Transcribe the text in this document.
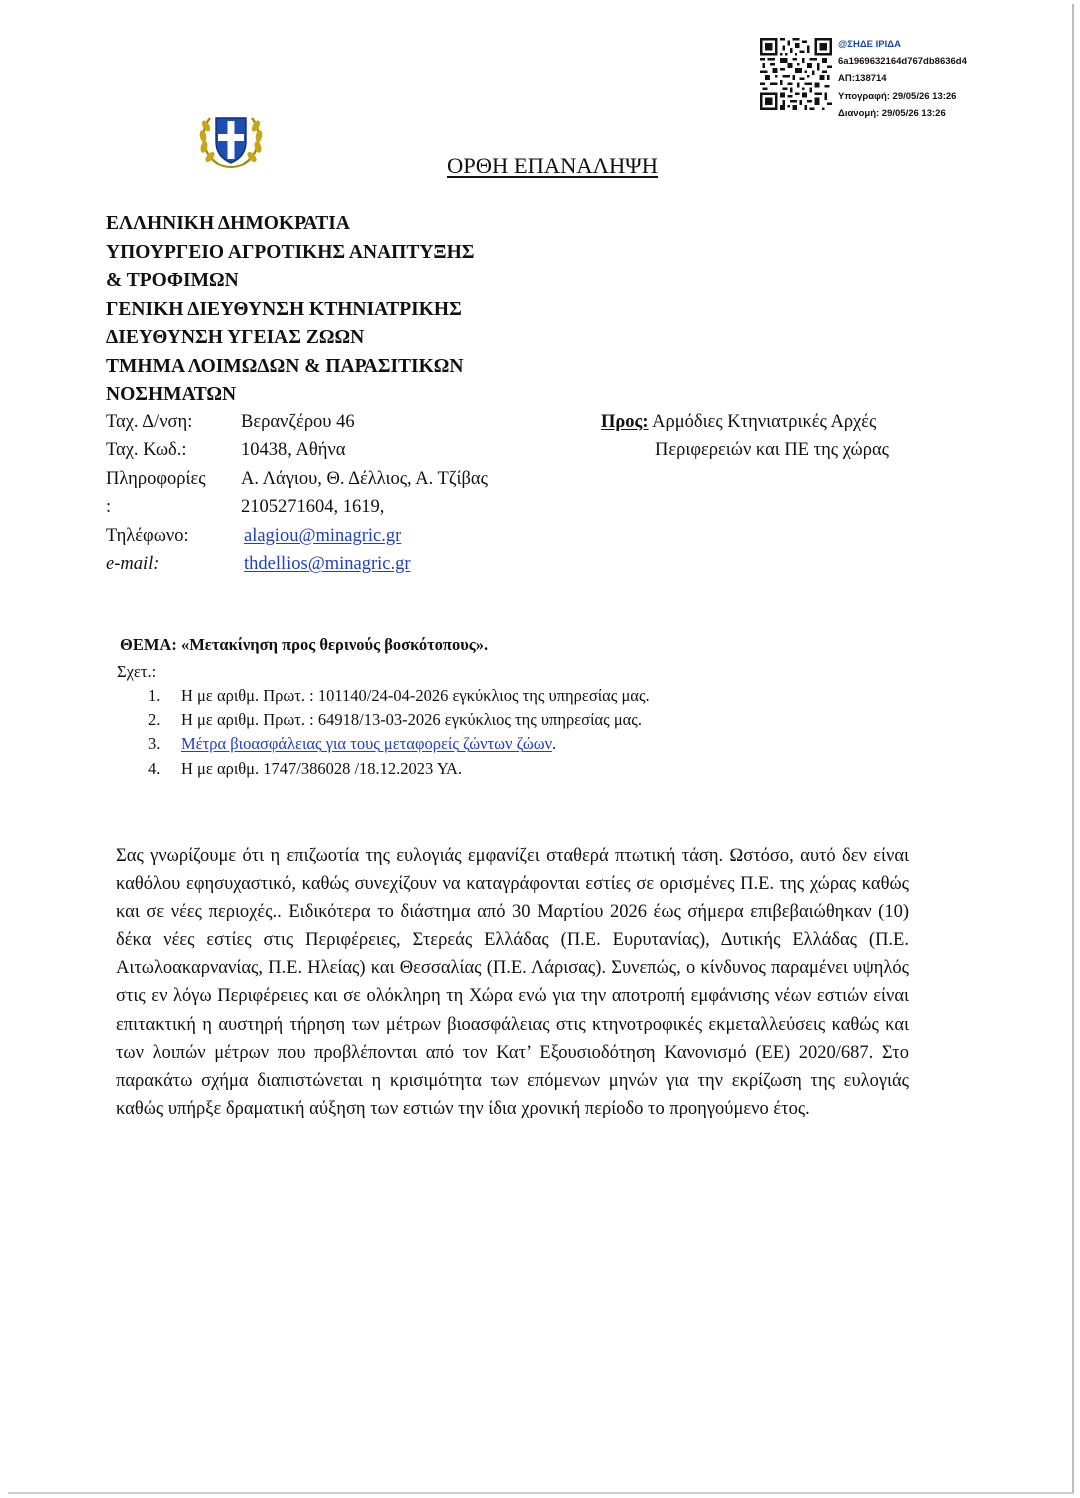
@ΣΗΔΕ ΙΡΙΔΑ
6a1969632164d767db8636d4
ΑΠ:138714
Υπογραφή: 29/05/26 13:26
Διανομή: 29/05/26 13:26
ΟΡΘΗ ΕΠΑΝΑΛΗΨΗ
ΕΛΛΗΝΙΚΗ ΔΗΜΟΚΡΑΤΙΑ
ΥΠΟΥΡΓΕΙΟ ΑΓΡΟΤΙΚΗΣ ΑΝΑΠΤΥΞΗΣ
& ΤΡΟΦΙΜΩΝ
ΓΕΝΙΚΗ ΔΙΕΥΘΥΝΣΗ ΚΤΗΝΙΑΤΡΙΚΗΣ
ΔΙΕΥΘΥΝΣΗ ΥΓΕΙΑΣ ΖΩΩΝ
ΤΜΗΜΑ ΛΟΙΜΩΔΩΝ & ΠΑΡΑΣΙΤΙΚΩΝ
ΝΟΣΗΜΑΤΩΝ
Ταχ. Δ/νση:	Βερανζέρου 46
Ταχ. Κωδ.:	10438, Αθήνα
Πληροφορίες Α. Λάγιου, Θ. Δέλλιος, Α. Τζίβας
:	2105271604, 1619,
Τηλέφωνο:	alagiou@minagric.gr
e-mail:	thdellios@minagric.gr
Προς: Αρμόδιες Κτηνιατρικές Αρχές
Περιφερειών και ΠΕ της χώρας
ΘΕΜΑ: «Μετακίνηση προς θερινούς βοσκότοπους».
Σχετ.:
1. Η με αριθμ. Πρωτ. : 101140/24-04-2026 εγκύκλιος της υπηρεσίας μας.
2. Η με αριθμ. Πρωτ. : 64918/13-03-2026 εγκύκλιος της υπηρεσίας μας.
3. Μέτρα βιοασφάλειας για τους μεταφορείς ζώντων ζώων.
4. Η με αριθμ. 1747/386028 /18.12.2023 ΥΑ.
Σας γνωρίζουμε ότι η επιζωοτία της ευλογιάς εμφανίζει σταθερά πτωτική τάση. Ωστόσο, αυτό δεν είναι καθόλου εφησυχαστικό, καθώς συνεχίζουν να καταγράφονται εστίες σε ορισμένες Π.Ε. της χώρας καθώς και σε νέες περιοχές.. Ειδικότερα το διάστημα από 30 Μαρτίου 2026 έως σήμερα επιβεβαιώθηκαν (10) δέκα νέες εστίες στις Περιφέρειες, Στερεάς Ελλάδας (Π.Ε. Ευρυτανίας), Δυτικής Ελλάδας (Π.Ε. Αιτωλοακαρνανίας, Π.Ε. Ηλείας) και Θεσσαλίας (Π.Ε. Λάρισας). Συνεπώς, ο κίνδυνος παραμένει υψηλός στις εν λόγω Περιφέρειες και σε ολόκληρη τη Χώρα ενώ για την αποτροπή εμφάνισης νέων εστιών είναι επιτακτική η αυστηρή τήρηση των μέτρων βιοασφάλειας στις κτηνοτροφικές εκμεταλλεύσεις καθώς και των λοιπών μέτρων που προβλέπονται από τον Κατ’ Εξουσιοδότηση Κανονισμό (ΕΕ) 2020/687. Στο παρακάτω σχήμα διαπιστώνεται η κρισιμότητα των επόμενων μηνών για την εκρίζωση της ευλογιάς καθώς υπήρξε δραματική αύξηση των εστιών την ίδια χρονική περίοδο το προηγούμενο έτος.
